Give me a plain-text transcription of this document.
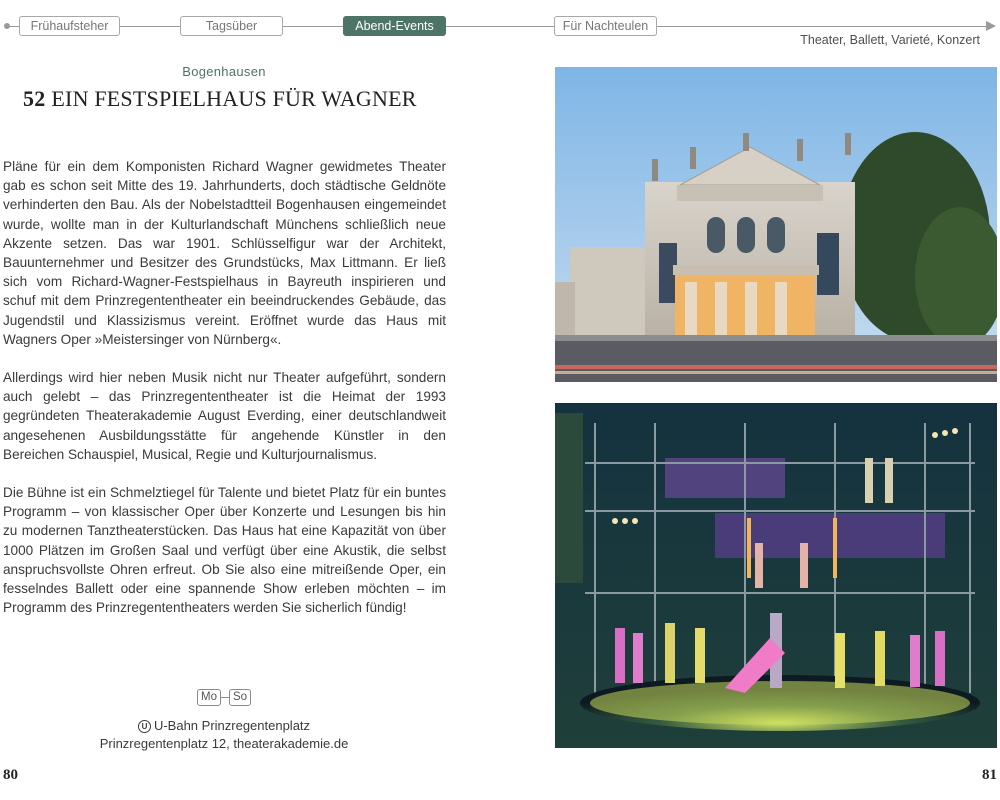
Frühaufsteher	Tagsüber	Abend-Events	Für Nachteulen
Theater, Ballett, Varieté, Konzert
Bogenhausen
52 EIN FESTSPIELHAUS FÜR WAGNER

Pläne für ein dem Komponisten Richard Wagner gewidmetes Theater gab es schon seit Mitte des 19. Jahrhunderts, doch städtische Geldnöte verhinderten den Bau. Als der Nobelstadtteil Bogenhausen eingemeindet wurde, wollte man in der Kulturlandschaft Münchens schließlich neue Akzente setzen. Das war 1901. Schlüsselfigur war der Architekt, Bauunternehmer und Besitzer des Grundstücks, Max Littmann. Er ließ sich vom Richard-Wagner-Festspielhaus in Bayreuth inspirieren und schuf mit dem Prinzregententheater ein beeindruckendes Gebäude, das Jugendstil und Klassizismus vereint. Eröffnet wurde das Haus mit Wagners Oper »Meistersinger von Nürnberg«.

Allerdings wird hier neben Musik nicht nur Theater aufgeführt, sondern auch gelebt – das Prinzregententheater ist die Heimat der 1993 gegründeten Theaterakademie August Everding, einer deutschlandweit angesehenen Ausbildungsstätte für angehende Künstler in den Bereichen Schauspiel, Musical, Regie und Kulturjournalismus.

Die Bühne ist ein Schmelztiegel für Talente und bietet Platz für ein buntes Programm – von klassischer Oper über Konzerte und Lesungen bis hin zu modernen Tanztheaterstücken. Das Haus hat eine Kapazität von über 1000 Plätzen im Großen Saal und verfügt über eine Akustik, die selbst anspruchsvollste Ohren erfreut. Ob Sie also eine mitreißende Oper, ein fesselndes Ballett oder eine spannende Show erleben möchten – im Programm des Prinzregententheaters werden Sie sicherlich fündig!

Mo	So
U U-Bahn Prinzregentenplatz
Prinzregentenplatz 12, theaterakademie.de
80	81
